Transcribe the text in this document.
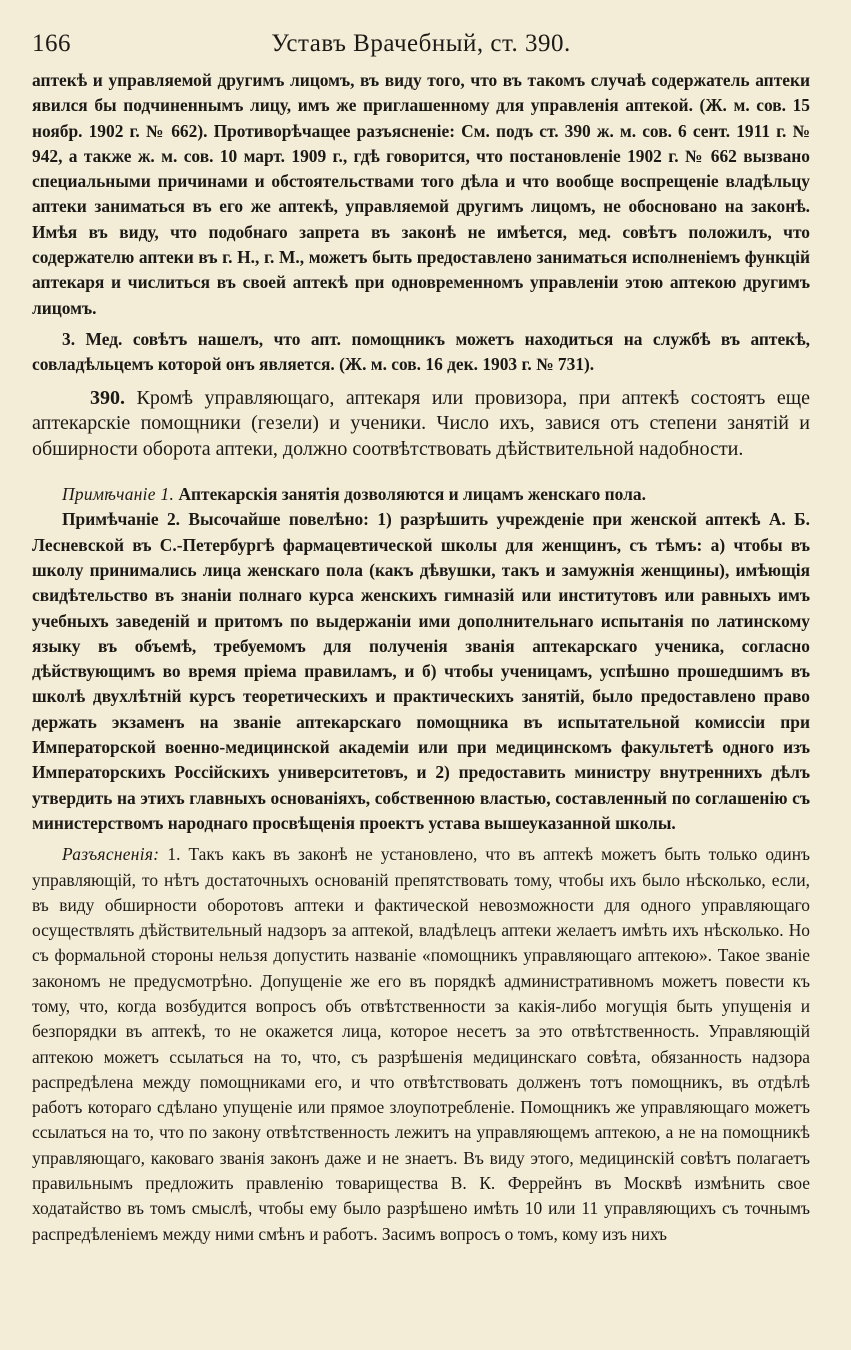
166	Уставъ Врачебный, ст. 390.

аптекѣ и управляемой другимъ лицомъ, въ виду того, что въ такомъ случаѣ содержатель аптеки явился бы подчиненнымъ лицу, имъ же приглашенному для управленія аптекой. (Ж. м. сов. 15 ноябр. 1902 г. № 662). Противорѣчащее разъясненіе: См. подъ ст. 390 ж. м. сов. 6 сент. 1911 г. № 942, а также ж. м. сов. 10 март. 1909 г., гдѣ говорится, что постановленіе 1902 г. № 662 вызвано специальными причинами и обстоятельствами того дѣла и что вообще воспрещеніе владѣльцу аптеки заниматься въ его же аптекѣ, управляемой другимъ лицомъ, не обосновано на законѣ. Имѣя въ виду, что подобнаго запрета въ законѣ не имѣется, мед. совѣтъ положилъ, что содержателю аптеки въ г. Н., г. М., можетъ быть предоставлено заниматься исполненіемъ функцій аптекаря и числиться въ своей аптекѣ при одновременномъ управленіи этою аптекою другимъ лицомъ.

3. Мед. совѣтъ нашелъ, что апт. помощникъ можетъ находиться на службѣ въ аптекѣ, совладѣльцемъ которой онъ является. (Ж. м. сов. 16 дек. 1903 г. № 731).

390. Кромѣ управляющаго, аптекаря или провизора, при аптекѣ состоятъ еще аптекарскіе помощники (гезели) и ученики. Число ихъ, завися отъ степени занятій и обширности оборота аптеки, должно соотвѣтствовать дѣйствительной надобности.

Примѣчаніе 1. Аптекарскія занятія дозволяются и лицамъ женскаго пола.

Примѣчаніе 2. Высочайше повелѣно: 1) разрѣшить учрежденіе при женской аптекѣ А. Б. Лесневской въ С.-Петербургѣ фармацевтической школы для женщинъ, съ тѣмъ: а) чтобы въ школу принимались лица женскаго пола (какъ дѣвушки, такъ и замужнія женщины), имѣющія свидѣтельство въ знаніи полнаго курса женскихъ гимназій или институтовъ или равныхъ имъ учебныхъ заведеній и притомъ по выдержаніи ими дополнительнаго испытанія по латинскому языку въ объемѣ, требуемомъ для полученія званія аптекарскаго ученика, согласно дѣйствующимъ во время пріема правиламъ, и б) чтобы ученицамъ, успѣшно прошедшимъ въ школѣ двухлѣтній курсъ теоретическихъ и практическихъ занятій, было предоставлено право держать экзаменъ на званіе аптекарскаго помощника въ испытательной комиссіи при Императорской военно-медицинской академіи или при медицинскомъ факультетѣ одного изъ Императорскихъ Россійскихъ университетовъ, и 2) предоставить министру внутреннихъ дѣлъ утвердить на этихъ главныхъ основаніяхъ, собственною властью, составленный по соглашенію съ министерствомъ народнаго просвѣщенія проектъ устава вышеуказанной школы.

Разъясненія: 1. Такъ какъ въ законѣ не установлено, что въ аптекѣ можетъ быть только одинъ управляющій, то нѣтъ достаточныхъ основаній препятствовать тому, чтобы ихъ было нѣсколько, если, въ виду обширности оборотовъ аптеки и фактической невозможности для одного управляющаго осуществлять дѣйствительный надзоръ за аптекой, владѣлецъ аптеки желаетъ имѣть ихъ нѣсколько. Но съ формальной стороны нельзя допустить названіе «помощникъ управляющаго аптекою». Такое званіе закономъ не предусмотрѣно. Допущеніе же его въ порядкѣ административномъ можетъ повести къ тому, что, когда возбудится вопросъ объ отвѣтственности за какія-либо могущія быть упущенія и безпорядки въ аптекѣ, то не окажется лица, которое несетъ за это отвѣтственность. Управляющій аптекою можетъ ссылаться на то, что, съ разрѣшенія медицинскаго совѣта, обязанность надзора распредѣлена между помощниками его, и что отвѣтствовать долженъ тотъ помощникъ, въ отдѣлѣ работъ котораго сдѣлано упущеніе или прямое злоупотребленіе. Помощникъ же управляющаго можетъ ссылаться на то, что по закону отвѣтственность лежитъ на управляющемъ аптекою, а не на помощникѣ управляющаго, каковаго званія законъ даже и не знаетъ. Въ виду этого, медицинскій совѣтъ полагаетъ правильнымъ предложить правленію товарищества В. К. Феррейнъ въ Москвѣ измѣнить свое ходатайство въ томъ смыслѣ, чтобы ему было разрѣшено имѣть 10 или 11 управляющихъ съ точнымъ распредѣленіемъ между ними смѣнъ и работъ. Засимъ вопросъ о томъ, кому изъ нихъ
